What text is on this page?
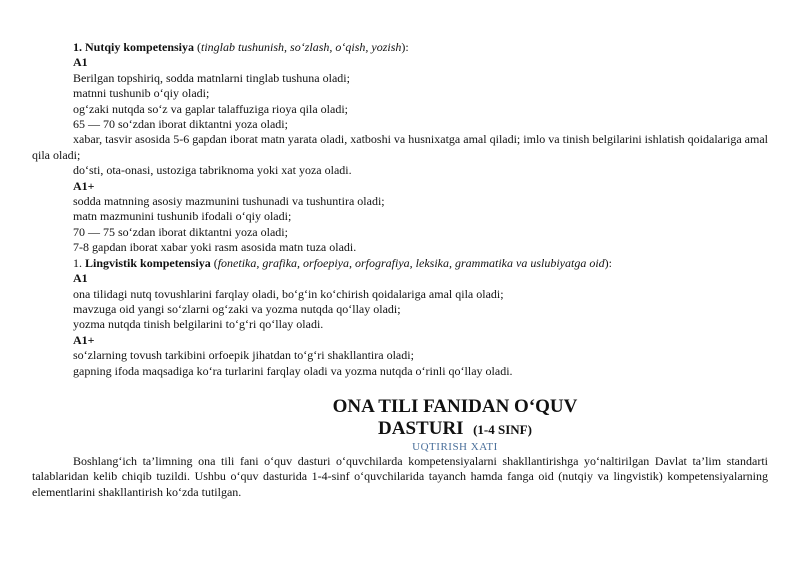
1. Nutqiy kompetensiya (tinglab tushunish, so‘zlash, o‘qish, yozish):
A1
Berilgan topshiriq, sodda matnlarni tinglab tushuna oladi;
matnni tushunib o‘qiy oladi;
og‘zaki nutqda so‘z va gaplar talaffuziga rioya qila oladi;
65 — 70 so‘zdan iborat diktantni yoza oladi;
xabar, tasvir asosida 5-6 gapdan iborat matn yarata oladi, xatboshi va husnixatga amal qiladi; imlo va tinish belgilarini ishlatish qoidalariga amal qila oladi;
do‘sti, ota-onasi, ustoziga tabriknoma yoki xat yoza oladi.
A1+
sodda matnning asosiy mazmunini tushunadi va tushuntira oladi;
matn mazmunini tushunib ifodali o‘qiy oladi;
70 — 75 so‘zdan iborat diktantni yoza oladi;
7-8 gapdan iborat xabar yoki rasm asosida matn tuza oladi.
1. Lingvistik kompetensiya (fonetika, grafika, orfoepiya, orfografiya, leksika, grammatika va uslubiyatga oid):
A1
ona tilidagi nutq tovushlarini farqlay oladi, bo‘g‘in ko‘chirish qoidalariga amal qila oladi;
mavzuga oid yangi so‘zlarni og‘zaki va yozma nutqda qo‘llay oladi;
yozma nutqda tinish belgilarini to‘g‘ri qo‘llay oladi.
A1+
so‘zlarning tovush tarkibini orfoepik jihatdan to‘g‘ri shakllantira oladi;
gapning ifoda maqsadiga ko‘ra turlarini farqlay oladi va yozma nutqda o‘rinli qo‘llay oladi.
ONA TILI FANIDAN O‘QUV
DASTURI (1-4 SINF)
UQTIRISH XATI
Boshlang‘ich ta’limning ona tili fani o‘quv dasturi o‘quvchilarda kompetensiyalarni shakllantirishga yo‘naltirilgan Davlat ta’lim standarti talablaridan kelib chiqib tuzildi. Ushbu o‘quv dasturida 1-4-sinf o‘quvchilarida tayanch hamda fanga oid (nutqiy va lingvistik) kompetensiyalarning elementlarini shakllantirish ko‘zda tutilgan.
